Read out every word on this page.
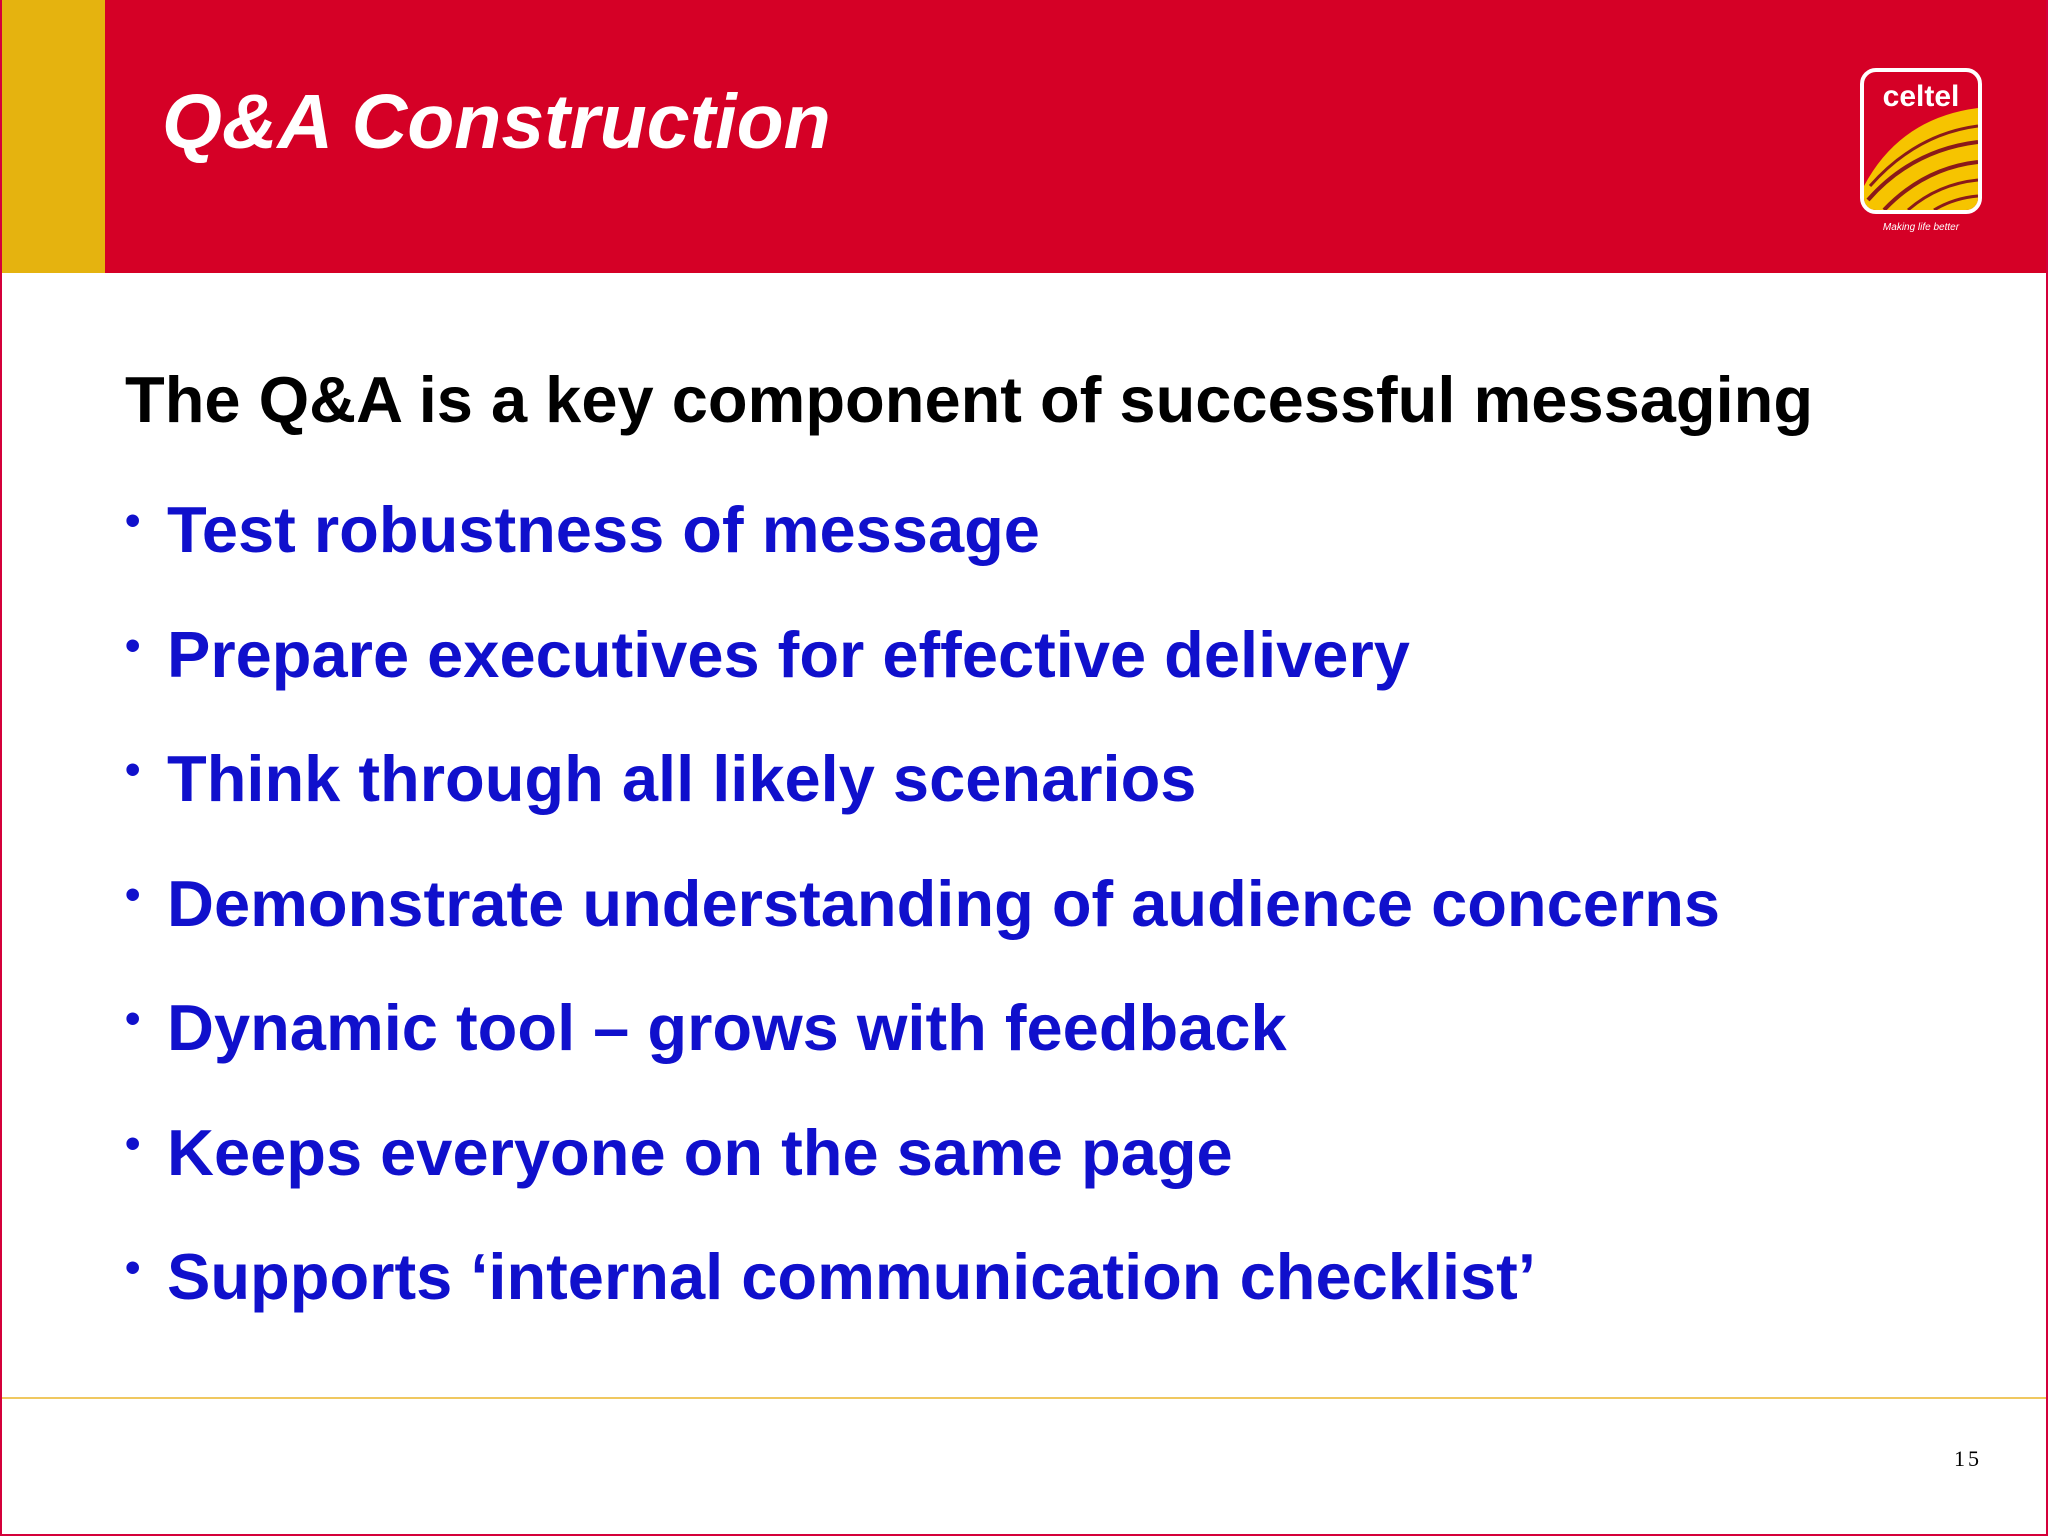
Q&A Construction	celtel
Making life better
The Q&A is a key component of successful messaging
• Test robustness of message
• Prepare executives for effective delivery
• Think through all likely scenarios
• Demonstrate understanding of audience concerns
• Dynamic tool – grows with feedback
• Keeps everyone on the same page
• Supports ‘internal communication checklist’
15
